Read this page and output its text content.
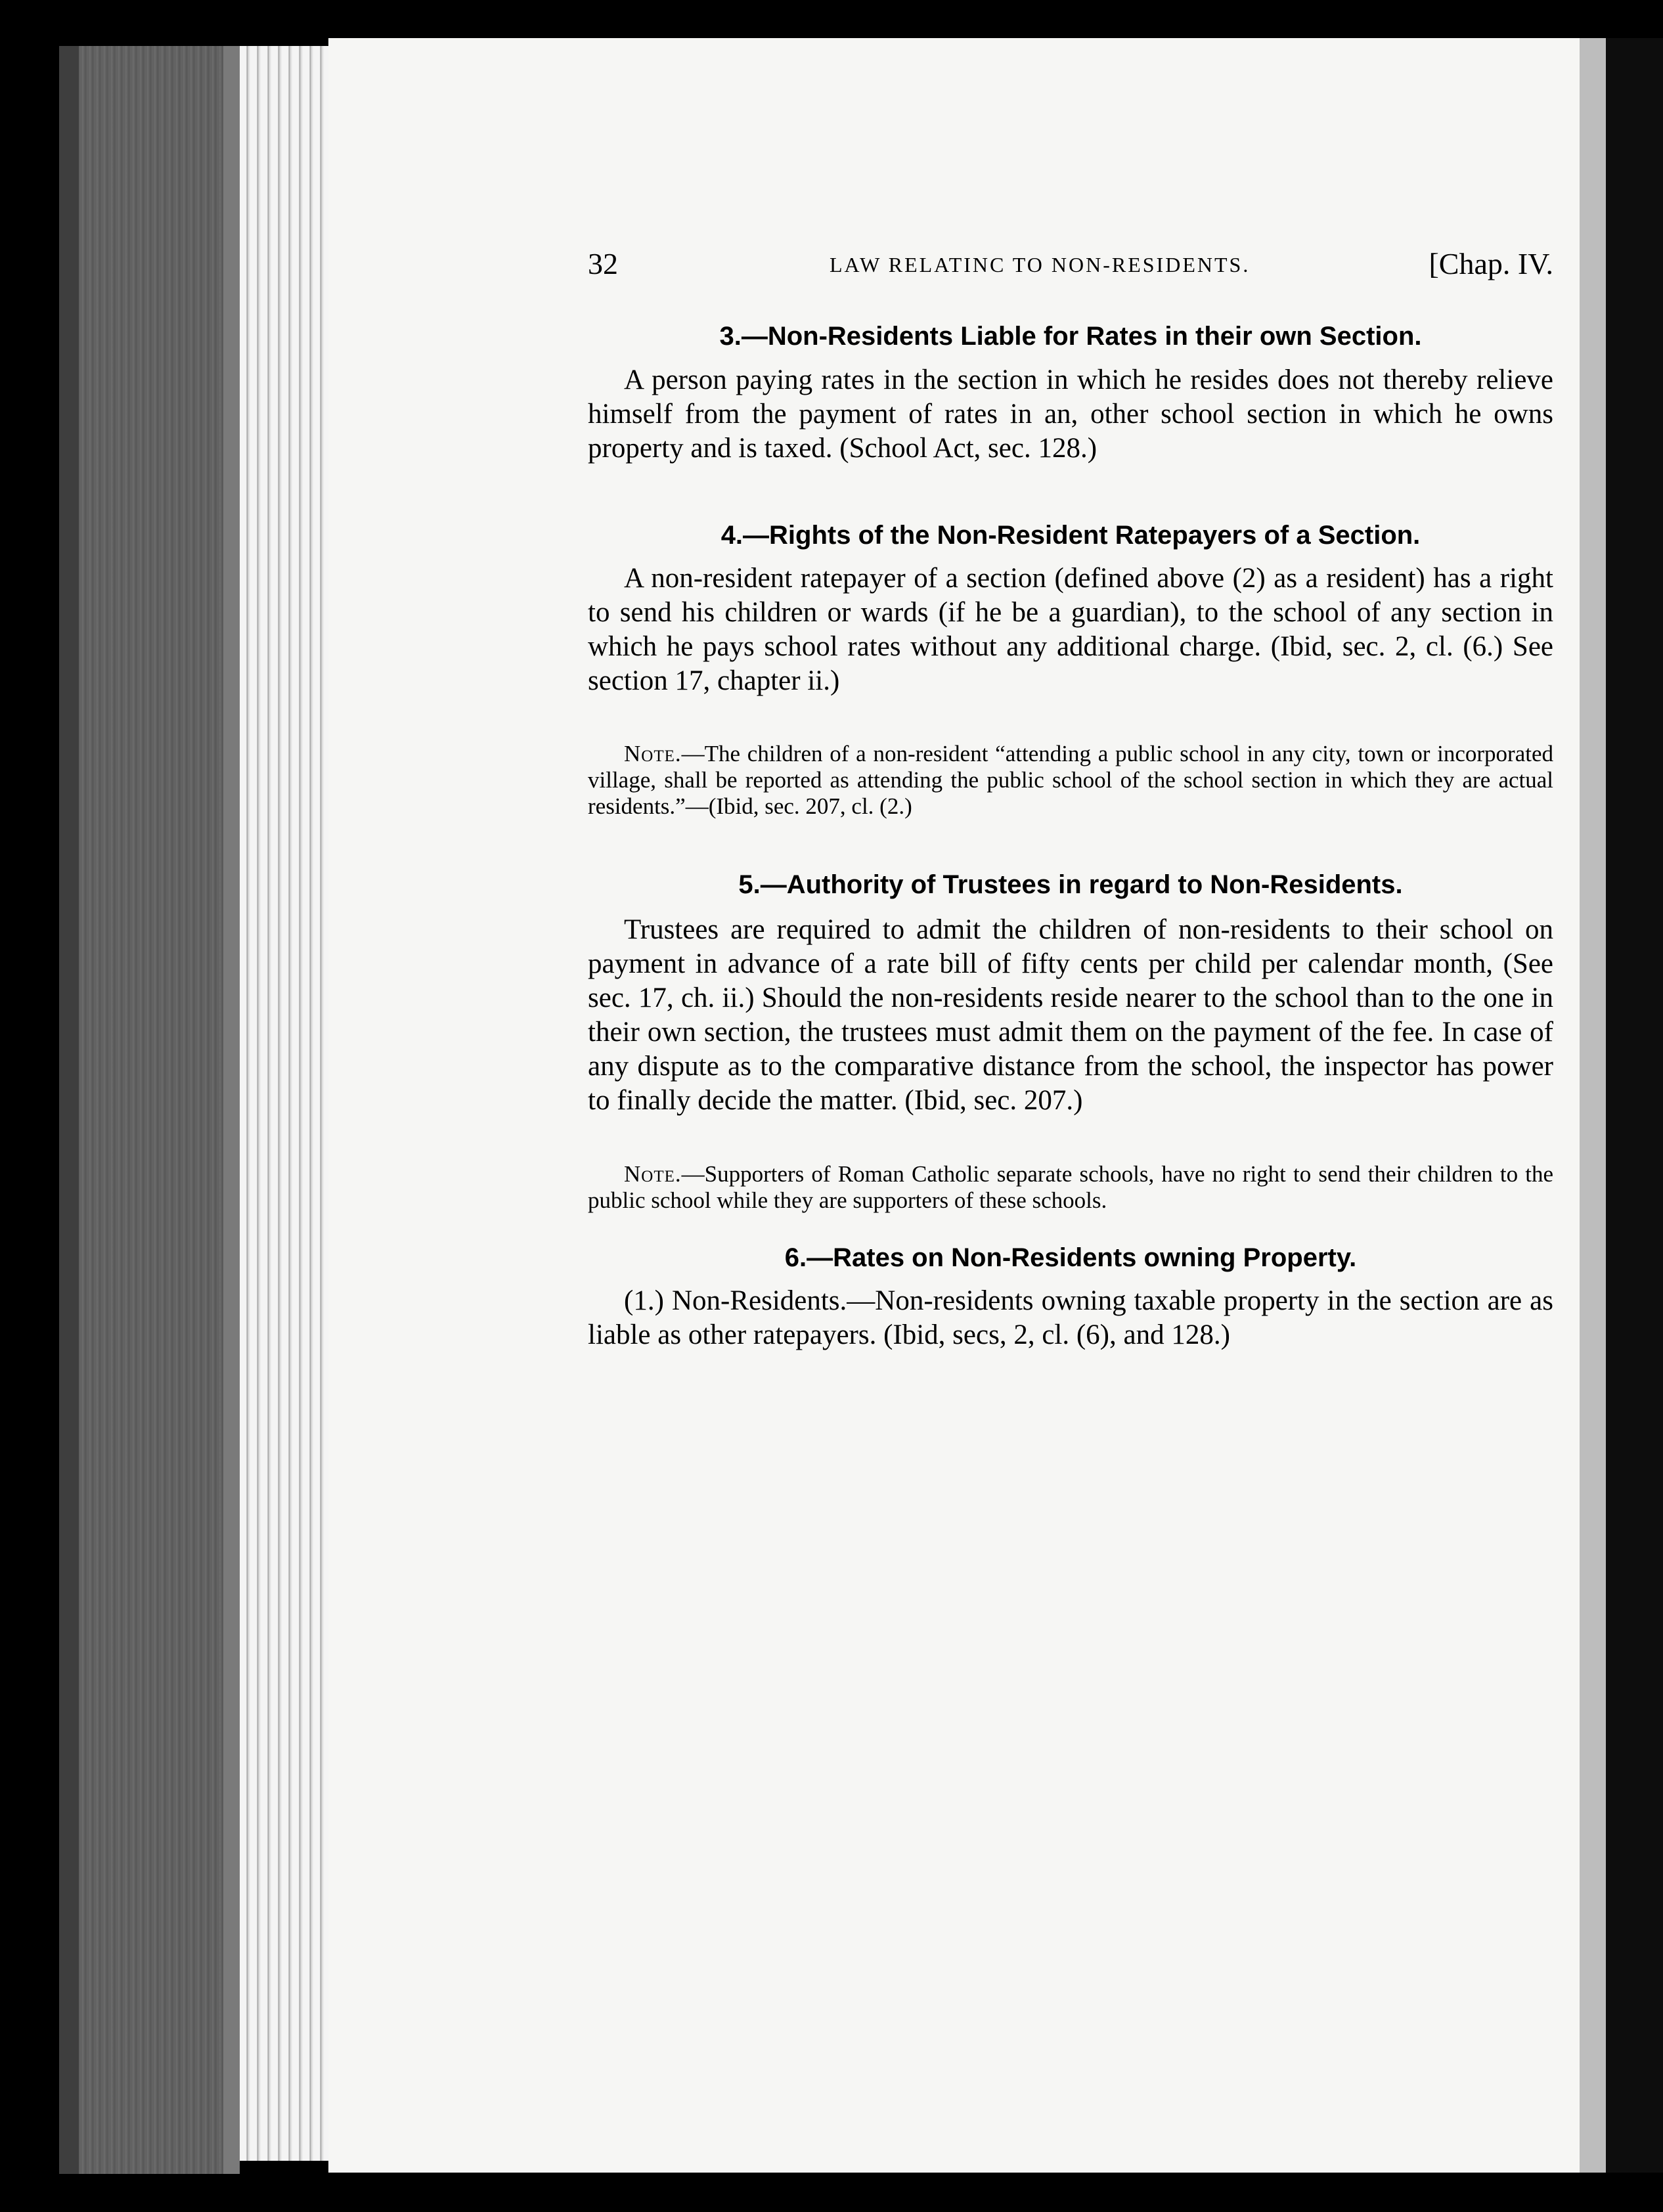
32	LAW RELATINC TO NON-RESIDENTS.	[Chap. IV.
3.—Non-Residents Liable for Rates in their own Section.

A person paying rates in the section in which he resides does not thereby relieve himself from the payment of rates in an, other school section in which he owns property and is taxed. (School Act, sec. 128.)

4.—Rights of the Non-Resident Ratepayers of a Section.

A non-resident ratepayer of a section (defined above (2) as a resident) has a right to send his children or wards (if he be a guardian), to the school of any section in which he pays school rates without any additional charge. (Ibid, sec. 2, cl. (6.) See section 17, chapter ii.)

Note.—The children of a non-resident “attending a public school in any city, town or incorporated village, shall be reported as attending the public school of the school section in which they are actual residents.”—(Ibid, sec. 207, cl. (2.)

5.—Authority of Trustees in regard to Non-Residents.

Trustees are required to admit the children of non-residents to their school on payment in advance of a rate bill of fifty cents per child per calendar month, (See sec. 17, ch. ii.) Should the non-residents reside nearer to the school than to the one in their own section, the trustees must admit them on the payment of the fee. In case of any dispute as to the comparative distance from the school, the inspector has power to finally decide the matter. (Ibid, sec. 207.)

Note.—Supporters of Roman Catholic separate schools, have no right to send their children to the public school while they are supporters of these schools.

6.—Rates on Non-Residents owning Property.

(1.) Non-Residents.—Non-residents owning taxable property in the section are as liable as other ratepayers. (Ibid, secs, 2, cl. (6), and 128.)
